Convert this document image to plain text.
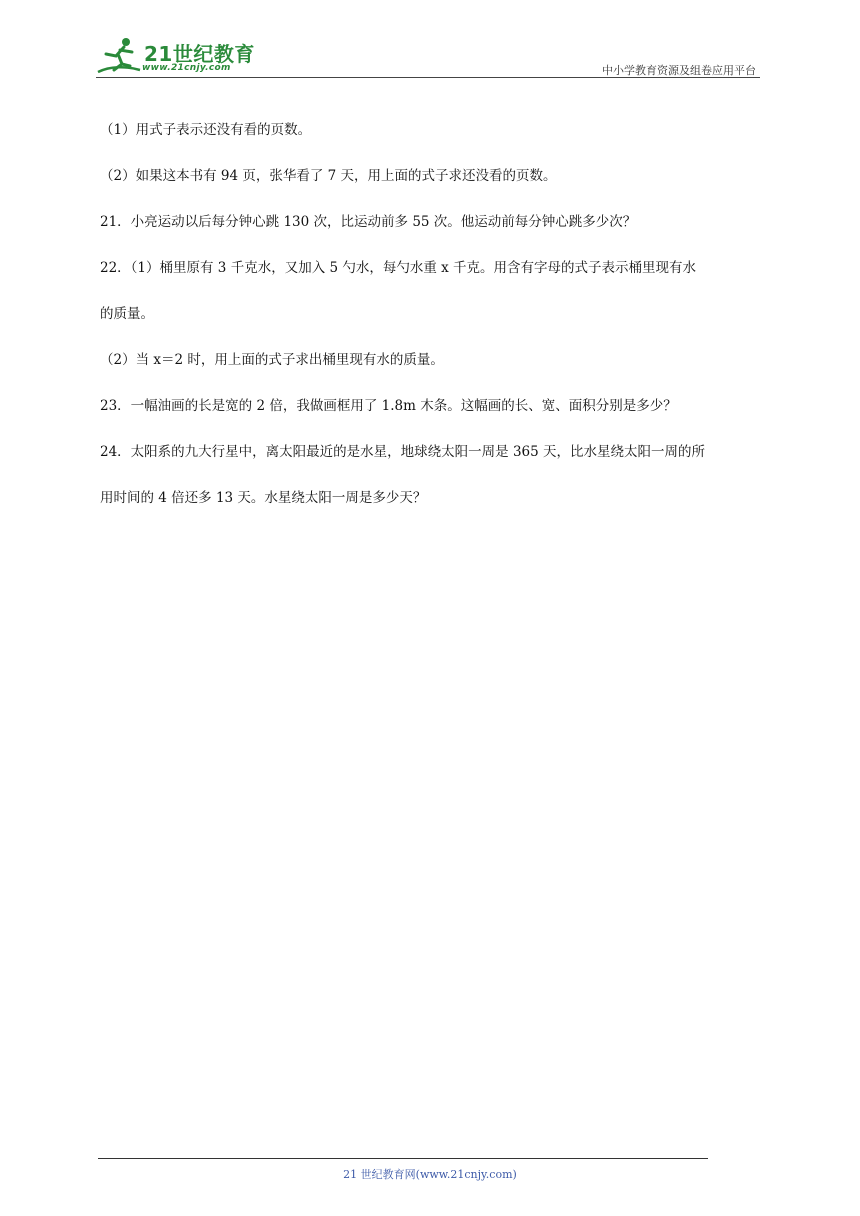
21世纪教育
www.21cnjy.com	中小学教育资源及组卷应用平台
（1）用式子表示还没有看的页数。
（2）如果这本书有 94 页，张华看了 7 天，用上面的式子求还没看的页数。
21．小亮运动以后每分钟心跳 130 次，比运动前多 55 次。他运动前每分钟心跳多少次？
22．（1）桶里原有 3 千克水，又加入 5 勺水，每勺水重 x 千克。用含有字母的式子表示桶里现有水
的质量。
（2）当 x＝2 时，用上面的式子求出桶里现有水的质量。
23．一幅油画的长是宽的 2 倍，我做画框用了 1.8m 木条。这幅画的长、宽、面积分别是多少？
24．太阳系的九大行星中，离太阳最近的是水星，地球绕太阳一周是 365 天，比水星绕太阳一周的所
用时间的 4 倍还多 13 天。水星绕太阳一周是多少天？
21 世纪教育网(www.21cnjy.com)
